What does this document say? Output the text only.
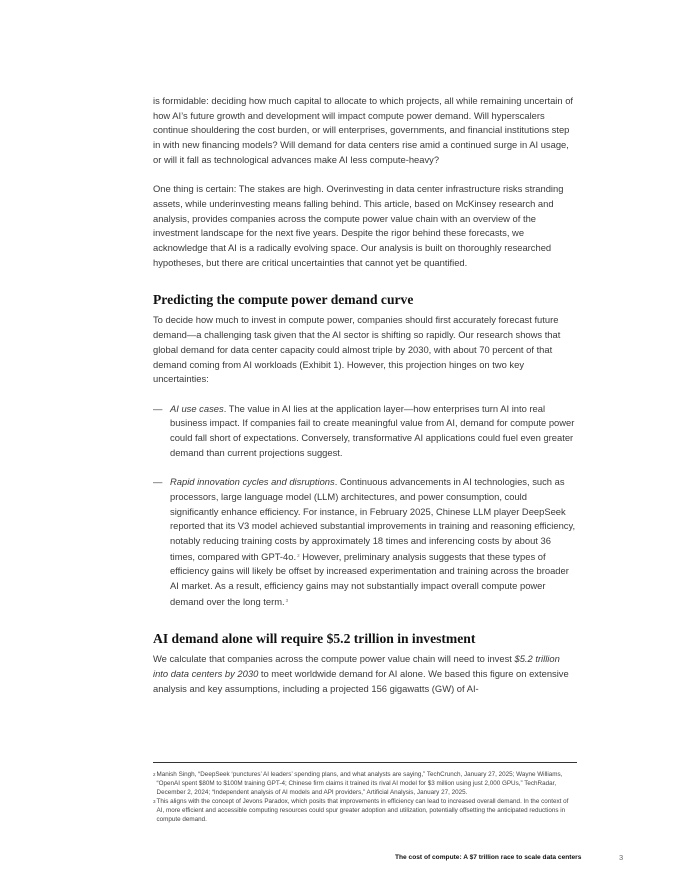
is formidable: deciding how much capital to allocate to which projects, all while remaining uncertain of how AI’s future growth and development will impact compute power demand. Will hyperscalers continue shouldering the cost burden, or will enterprises, governments, and financial institutions step in with new financing models? Will demand for data centers rise amid a continued surge in AI usage, or will it fall as technological advances make AI less compute-heavy?

One thing is certain: The stakes are high. Overinvesting in data center infrastructure risks stranding assets, while underinvesting means falling behind. This article, based on McKinsey research and analysis, provides companies across the compute power value chain with an overview of the investment landscape for the next five years. Despite the rigor behind these forecasts, we acknowledge that AI is a radically evolving space. Our analysis is built on thoroughly researched hypotheses, but there are critical uncertainties that cannot yet be quantified.

Predicting the compute power demand curve

To decide how much to invest in compute power, companies should first accurately forecast future demand—a challenging task given that the AI sector is shifting so rapidly. Our research shows that global demand for data center capacity could almost triple by 2030, with about 70 percent of that demand coming from AI workloads (Exhibit 1). However, this projection hinges on two key uncertainties:

— AI use cases. The value in AI lies at the application layer—how enterprises turn AI into real business impact. If companies fail to create meaningful value from AI, demand for compute power could fall short of expectations. Conversely, transformative AI applications could fuel even greater demand than current projections suggest.
— Rapid innovation cycles and disruptions. Continuous advancements in AI technologies, such as processors, large language model (LLM) architectures, and power consumption, could significantly enhance efficiency. For instance, in February 2025, Chinese LLM player DeepSeek reported that its V3 model achieved substantial improvements in training and reasoning efficiency, notably reducing training costs by approximately 18 times and inferencing costs by about 36 times, compared with GPT-4o.$^2$ However, preliminary analysis suggests that these types of efficiency gains will likely be offset by increased experimentation and training across the broader AI market. As a result, efficiency gains may not substantially impact overall compute power demand over the long term.$^3$
AI demand alone will require $5.2 trillion in investment

We calculate that companies across the compute power value chain will need to invest $5.2 trillion into data centers by 2030 to meet worldwide demand for AI alone. We based this figure on extensive analysis and key assumptions, including a projected 156 gigawatts (GW) of AI-

2 Manish Singh, “DeepSeek ‘punctures’ AI leaders’ spending plans, and what analysts are saying,” TechCrunch, January 27, 2025; Wayne Williams, “OpenAI spent $80M to $100M training GPT-4; Chinese firm claims it trained its rival AI model for $3 million using just 2,000 GPUs,” TechRadar, December 2, 2024; “Independent analysis of AI models and API providers,” Artificial Analysis, January 27, 2025.

3 This aligns with the concept of Jevons Paradox, which posits that improvements in efficiency can lead to increased overall demand. In the context of AI, more efficient and accessible computing resources could spur greater adoption and utilization, potentially offsetting the anticipated reductions in compute demand.

The cost of compute: A $7 trillion race to scale data centers	3
